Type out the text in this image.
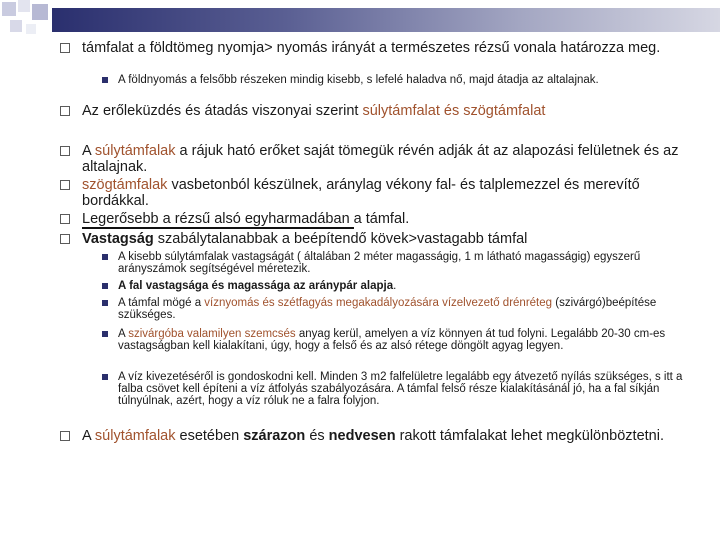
támfalat a földtömeg nyomja> nyomás irányát a természetes rézsű vonala határozza meg.
A földnyomás a felsőbb részeken mindig kisebb, s lefelé haladva nő, majd átadja az altalajnak.
Az erőleküzdés és átadás viszonyai szerint súlytámfalat és szögtámfalat
A súlytámfalak a rájuk ható erőket saját tömegük révén adják át az alapozási felületnek és az altalajnak.
szögtámfalak vasbetonból készülnek, aránylag vékony fal- és talplemezzel és merevítő bordákkal.
Legerősebb a rézsű alsó egyharmadában a támfal.
Vastagság szabálytalanabbak a beépítendő kövek>vastagabb támfal
A kisebb súlytámfalak vastagságát ( általában 2 méter magasságig, 1 m látható magasságig) egyszerű arányszámok segítségével méretezik.
A fal vastagsága és magassága az aránypár alapja.
A támfal mögé a víznyomás és szétfagyás megakadályozására vízelvezető drénréteg (szivárgó)beépítése szükséges.
A szivárgóba valamilyen szemcsés anyag kerül, amelyen a víz könnyen át tud folyni. Legalább 20-30 cm-es vastagságban kell kialakítani, úgy, hogy a felső és az alsó rétege döngölt agyag legyen.
A víz kivezetéséről is gondoskodni kell. Minden 3 m2 falfelületre legalább egy átvezető nyílás szükséges, s itt a falba csövet kell építeni a víz átfolyás szabályozására. A támfal felső része kialakításánál jó, ha a fal síkján túlnyúlnak, azért, hogy a víz róluk ne a falra folyjon.
A súlytámfalak esetében szárazon és nedvesen rakott támfalakat lehet megkülönböztetni.
